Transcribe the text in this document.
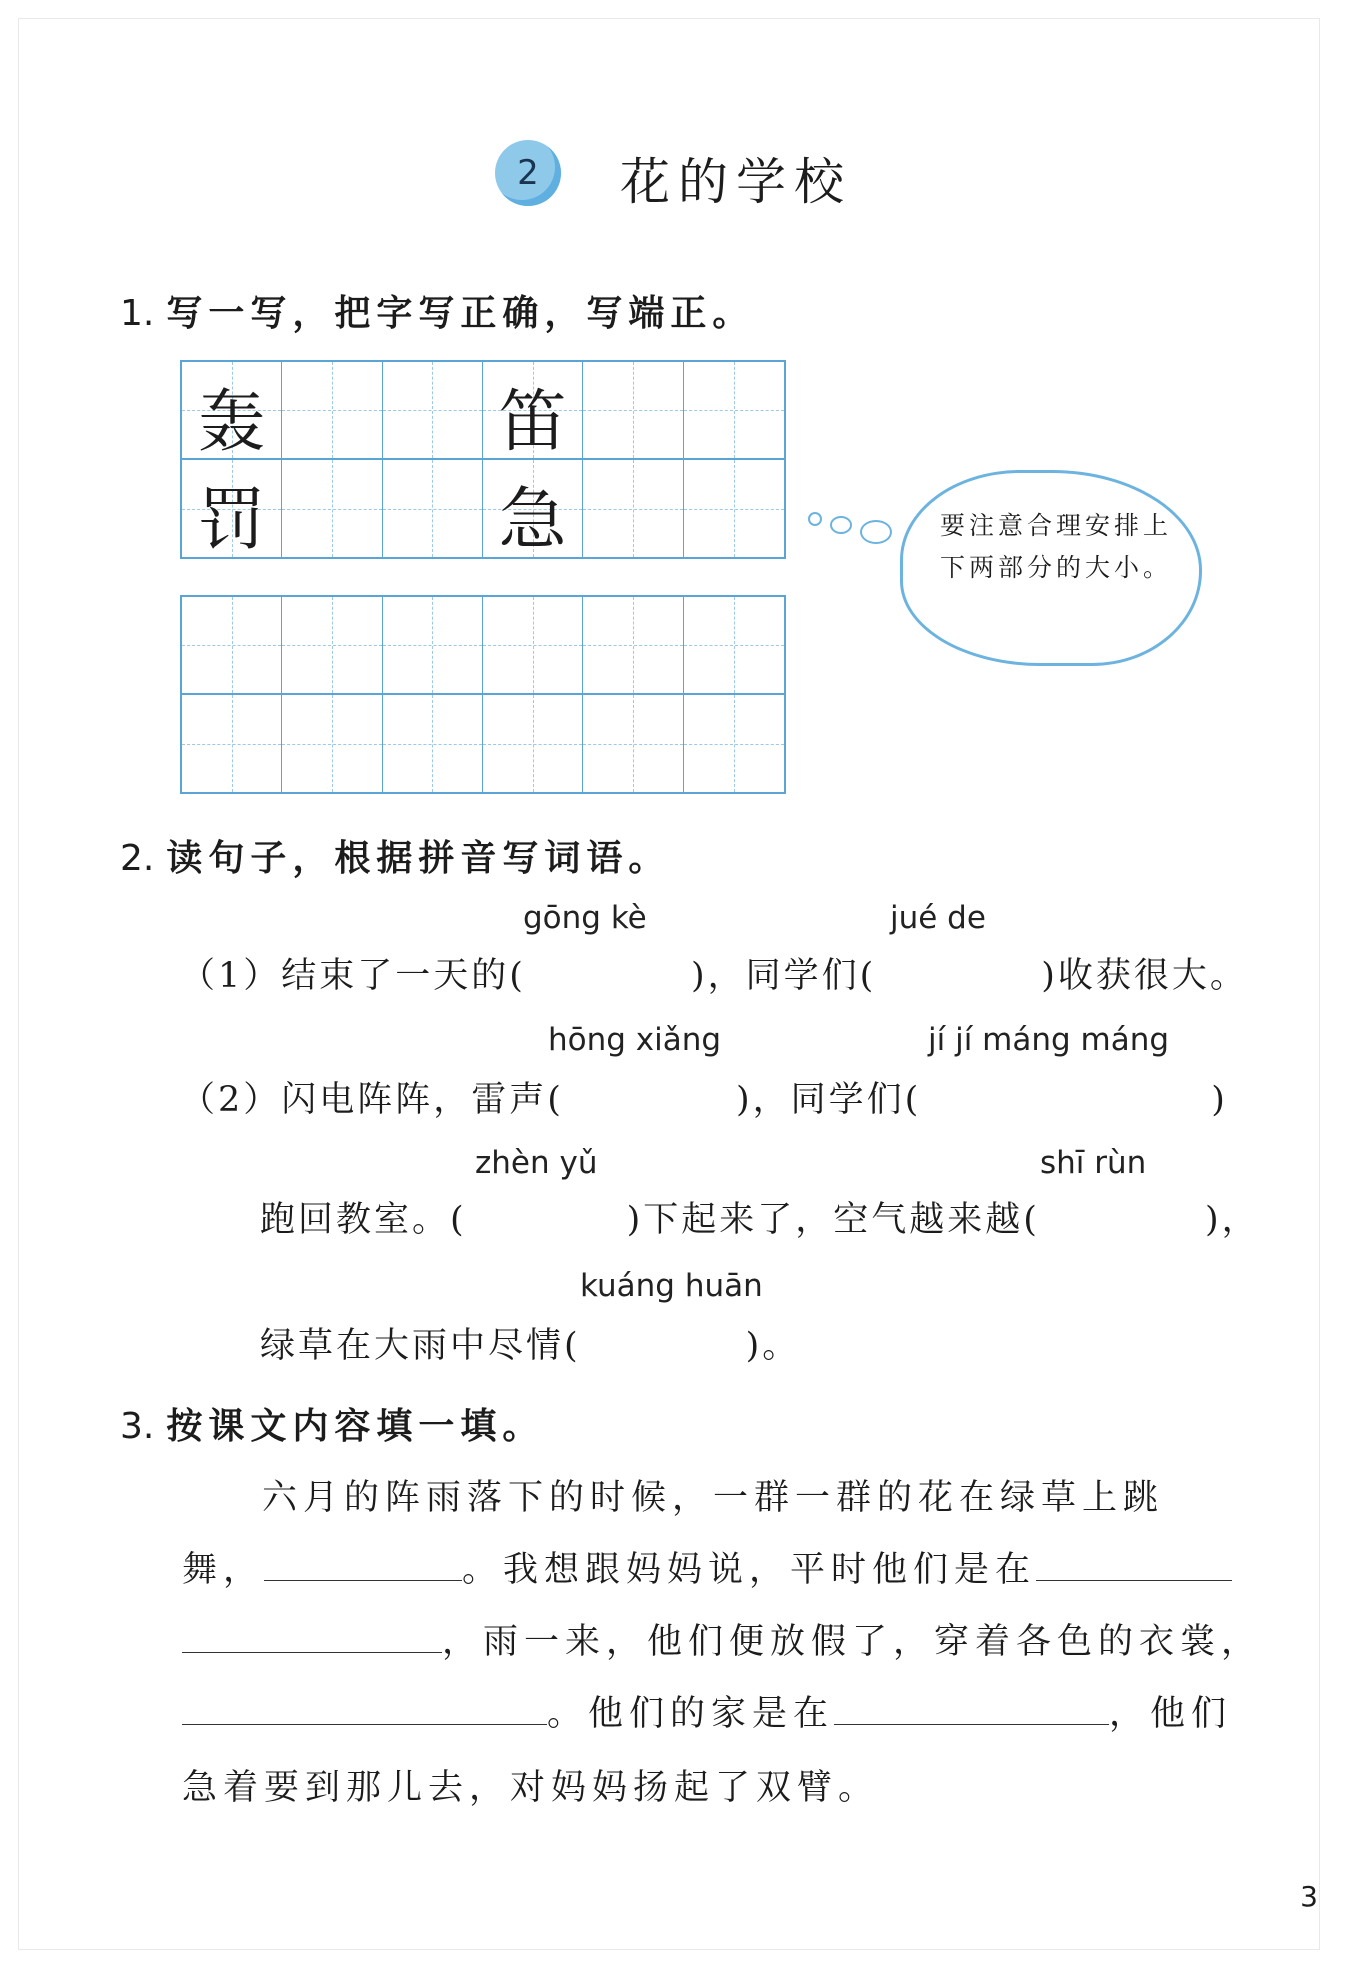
2 花的学校
1. 写一写，把字写正确，写端正。
轰	笛
罚	急	要注意合理安排上下两部分的大小。
2. 读句子，根据拼音写词语。
gōng kè	jué de
（1）结束了一天的(	)，同学们(	)收获很大。
hōng xiǎng	jí jí máng máng
（2）闪电阵阵，雷声(	)，同学们(	)
zhèn yǔ	shī rùn
跑回教室。(	)下起来了，空气越来越(	)，
kuáng huān
绿草在大雨中尽情(	)。
3. 按课文内容填一填。
六月的阵雨落下的时候，一群一群的花在绿草上跳
舞，	。我想跟妈妈说，平时他们是在
，雨一来，他们便放假了，穿着各色的衣裳，
。他们的家是在	，他们
急着要到那儿去，对妈妈扬起了双臂。
3
